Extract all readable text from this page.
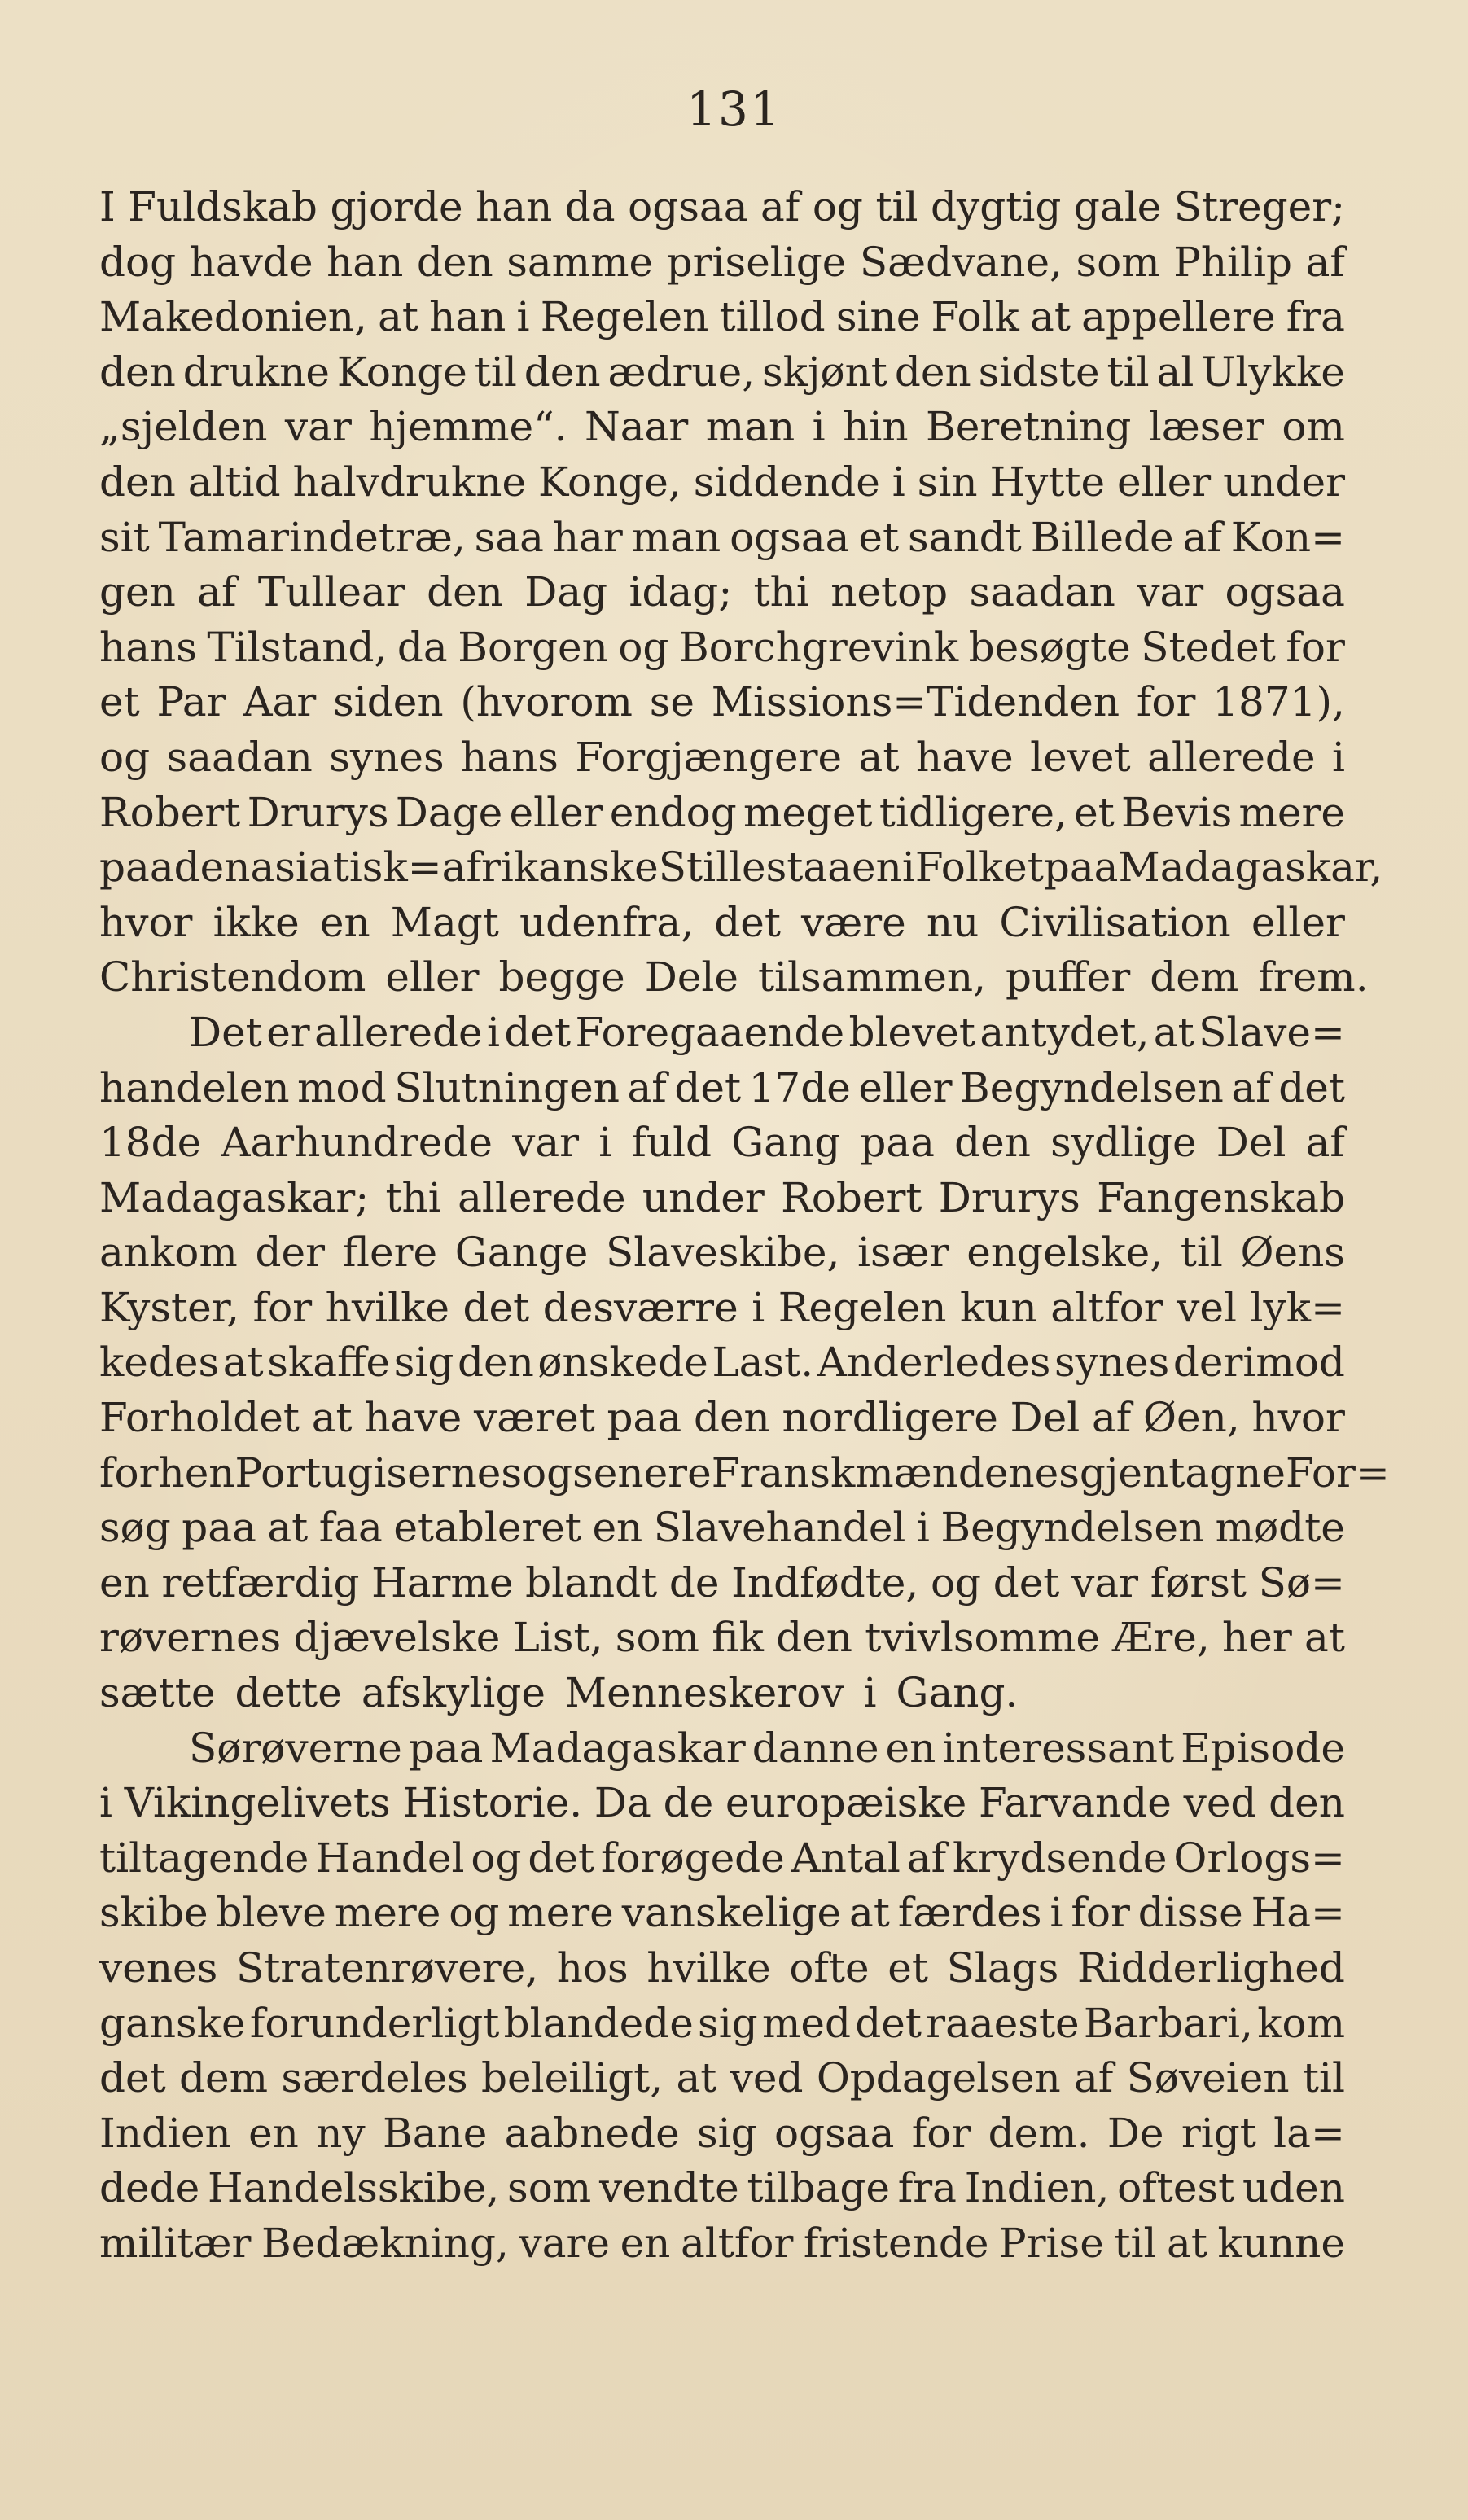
131
I Fuldskab gjorde han da ogsaa af og til dygtig gale Streger;
dog havde han den samme priselige Sædvane, som Philip af
Makedonien, at han i Regelen tillod sine Folk at appellere fra
den drukne Konge til den ædrue, skjønt den sidste til al Ulykke
„sjelden var hjemme“. Naar man i hin Beretning læser om
den altid halvdrukne Konge, siddende i sin Hytte eller under
sit Tamarindetræ, saa har man ogsaa et sandt Billede af Kon=
gen af Tullear den Dag idag; thi netop saadan var ogsaa
hans Tilstand, da Borgen og Borchgrevink besøgte Stedet for
et Par Aar siden (hvorom se Missions=Tidenden for 1871),
og saadan synes hans Forgjængere at have levet allerede i
Robert Drurys Dage eller endog meget tidligere, et Bevis mere
paa den asiatisk=afrikanske Stillestaaen i Folket paa Madagaskar,
hvor ikke en Magt udenfra, det være nu Civilisation eller
Christendom eller begge Dele tilsammen, puffer dem frem.
Det er allerede i det Foregaaende blevet antydet, at Slave=
handelen mod Slutningen af det 17de eller Begyndelsen af det
18de Aarhundrede var i fuld Gang paa den sydlige Del af
Madagaskar; thi allerede under Robert Drurys Fangenskab
ankom der flere Gange Slaveskibe, især engelske, til Øens
Kyster, for hvilke det desværre i Regelen kun altfor vel lyk=
kedes at skaffe sig den ønskede Last. Anderledes synes derimod
Forholdet at have været paa den nordligere Del af Øen, hvor
forhen Portugisernes og senere Franskmændenes gjentagne For=
søg paa at faa etableret en Slavehandel i Begyndelsen mødte
en retfærdig Harme blandt de Indfødte, og det var først Sø=
røvernes djævelske List, som fik den tvivlsomme Ære, her at
sætte dette afskylige Menneskerov i Gang.
Sørøverne paa Madagaskar danne en interessant Episode
i Vikingelivets Historie. Da de europæiske Farvande ved den
tiltagende Handel og det forøgede Antal af krydsende Orlogs=
skibe bleve mere og mere vanskelige at færdes i for disse Ha=
venes Stratenrøvere, hos hvilke ofte et Slags Ridderlighed
ganske forunderligt blandede sig med det raaeste Barbari, kom
det dem særdeles beleiligt, at ved Opdagelsen af Søveien til
Indien en ny Bane aabnede sig ogsaa for dem. De rigt la=
dede Handelsskibe, som vendte tilbage fra Indien, oftest uden
militær Bedækning, vare en altfor fristende Prise til at kunne
